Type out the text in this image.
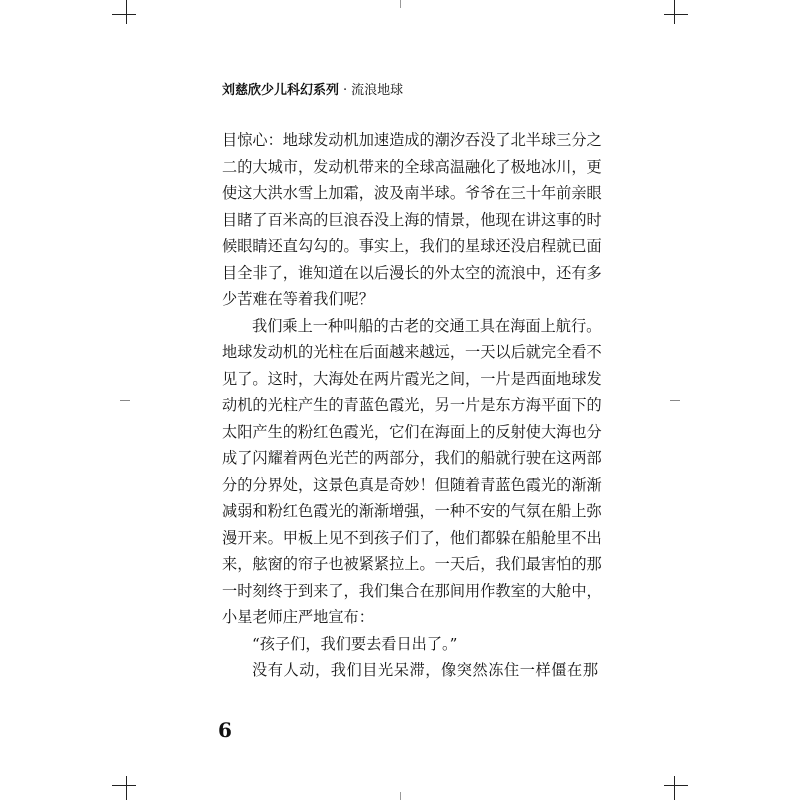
刘慈欣少儿科幻系列 · 流浪地球
目惊心：地球发动机加速造成的潮汐吞没了北半球三分之
二的大城市，发动机带来的全球高温融化了极地冰川，更
使这大洪水雪上加霜，波及南半球。爷爷在三十年前亲眼
目睹了百米高的巨浪吞没上海的情景，他现在讲这事的时
候眼睛还直勾勾的。事实上，我们的星球还没启程就已面
目全非了，谁知道在以后漫长的外太空的流浪中，还有多
少苦难在等着我们呢？
我们乘上一种叫船的古老的交通工具在海面上航行。
地球发动机的光柱在后面越来越远，一天以后就完全看不
见了。这时，大海处在两片霞光之间，一片是西面地球发
动机的光柱产生的青蓝色霞光，另一片是东方海平面下的
太阳产生的粉红色霞光，它们在海面上的反射使大海也分
成了闪耀着两色光芒的两部分，我们的船就行驶在这两部
分的分界处，这景色真是奇妙！但随着青蓝色霞光的渐渐
减弱和粉红色霞光的渐渐增强，一种不安的气氛在船上弥
漫开来。甲板上见不到孩子们了，他们都躲在船舱里不出
来，舷窗的帘子也被紧紧拉上。一天后，我们最害怕的那
一时刻终于到来了，我们集合在那间用作教室的大舱中，
小星老师庄严地宣布：
“孩子们，我们要去看日出了。”
没有人动，我们目光呆滞，像突然冻住一样僵在那
6
